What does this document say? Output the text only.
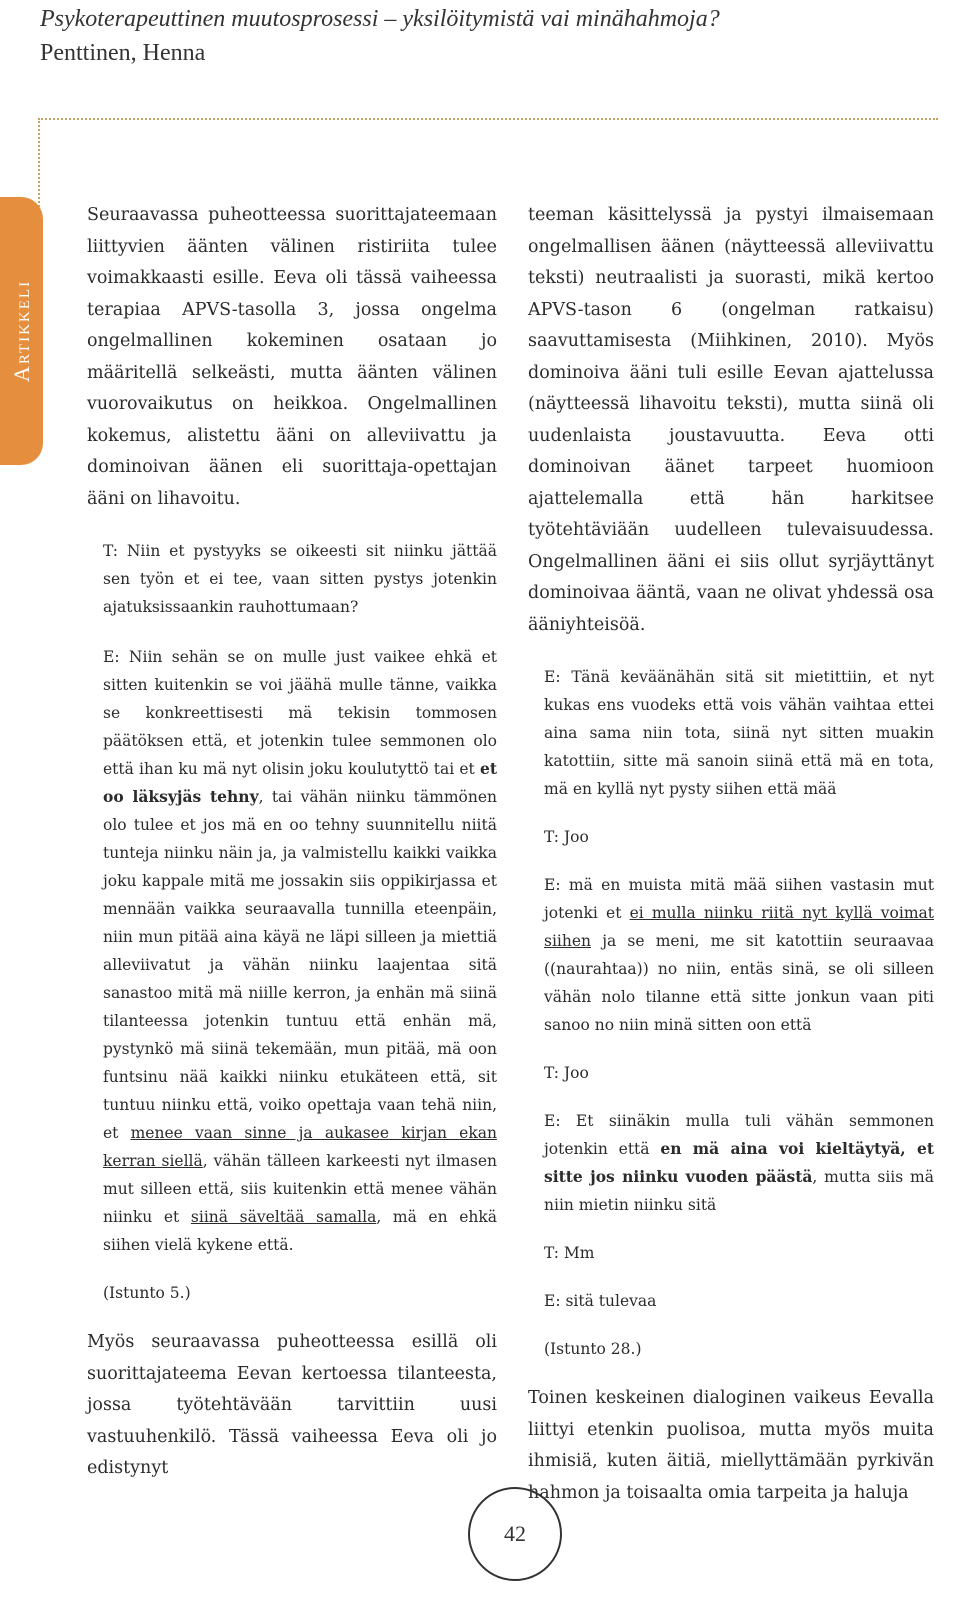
Psykoterapeuttinen muutosprosessi – yksilöitymistä vai minähahmoja?
Penttinen, Henna
Artikkeli

Seuraavassa puheotteessa suorittajateemaan liittyvien äänten välinen ristiriita tulee voimakkaasti esille. Eeva oli tässä vaiheessa terapiaa APVS-tasolla 3, jossa ongelma ongelmallinen kokeminen osataan jo määritellä selkeästi, mutta äänten välinen vuorovaikutus on heikkoa. Ongelmallinen kokemus, alistettu ääni on alleviivattu ja dominoivan äänen eli suorittaja-opettajan ääni on lihavoitu.

T: Niin et pystyyks se oikeesti sit niinku jättää sen työn et ei tee, vaan sitten pystys jotenkin ajatuksissaankin rauhottumaan?

E: Niin sehän se on mulle just vaikee ehkä et sitten kuitenkin se voi jäähä mulle tänne, vaikka se konkreettisesti mä tekisin tommosen päätöksen että, et jotenkin tulee semmonen olo että ihan ku mä nyt olisin joku koulutyttö tai et et oo läksyjäs tehny, tai vähän niinku tämmönen olo tulee et jos mä en oo tehny suunnitellu niitä tunteja niinku näin ja, ja valmistellu kaikki vaikka joku kappale mitä me jossakin siis oppikirjassa et mennään vaikka seuraavalla tunnilla eteenpäin, niin mun pitää aina käyä ne läpi silleen ja miettiä alleviivatut ja vähän niinku laajentaa sitä sanastoo mitä mä niille kerron, ja enhän mä siinä tilanteessa jotenkin tuntuu että enhän mä, pystynkö mä siinä tekemään, mun pitää, mä oon funtsinu nää kaikki niinku etukäteen että, sit tuntuu niinku että, voiko opettaja vaan tehä niin, et menee vaan sinne ja aukasee kirjan ekan kerran siellä, vähän tälleen karkeesti nyt ilmasen mut silleen että, siis kuitenkin että menee vähän niinku et siinä säveltää samalla, mä en ehkä siihen vielä kykene että.

(Istunto 5.)

Myös seuraavassa puheotteessa esillä oli suorittajateema Eevan kertoessa tilanteesta, jossa työtehtävään tarvittiin uusi vastuuhenkilö. Tässä vaiheessa Eeva oli jo edistynyt

teeman käsittelyssä ja pystyi ilmaisemaan ongelmallisen äänen (näytteessä alleviivattu teksti) neutraalisti ja suorasti, mikä kertoo APVS-tason 6 (ongelman ratkaisu) saavuttamisesta (Miihkinen, 2010). Myös dominoiva ääni tuli esille Eevan ajattelussa (näytteessä lihavoitu teksti), mutta siinä oli uudenlaista joustavuutta. Eeva otti dominoivan äänet tarpeet huomioon ajattelemalla että hän harkitsee työtehtäviään uudelleen tulevaisuudessa. Ongelmallinen ääni ei siis ollut syrjäyttänyt dominoivaa ääntä, vaan ne olivat yhdessä osa ääniyhteisöä.

E: Tänä keväänähän sitä sit mietittiin, et nyt kukas ens vuodeks että vois vähän vaihtaa ettei aina sama niin tota, siinä nyt sitten muakin katottiin, sitte mä sanoin siinä että mä en tota, mä en kyllä nyt pysty siihen että mää

T: Joo

E: mä en muista mitä mää siihen vastasin mut jotenki et ei mulla niinku riitä nyt kyllä voimat siihen ja se meni, me sit katottiin seuraavaa ((naurahtaa)) no niin, entäs sinä, se oli silleen vähän nolo tilanne että sitte jonkun vaan piti sanoo no niin minä sitten oon että

T: Joo

E: Et siinäkin mulla tuli vähän semmonen jotenkin että en mä aina voi kieltäytyä, et sitte jos niinku vuoden päästä, mutta siis mä niin mietin niinku sitä

T: Mm

E: sitä tulevaa

(Istunto 28.)

Toinen keskeinen dialoginen vaikeus Eevalla liittyi etenkin puolisoa, mutta myös muita ihmisiä, kuten äitiä, miellyttämään pyrkivän hahmon ja toisaalta omia tarpeita ja haluja

42
